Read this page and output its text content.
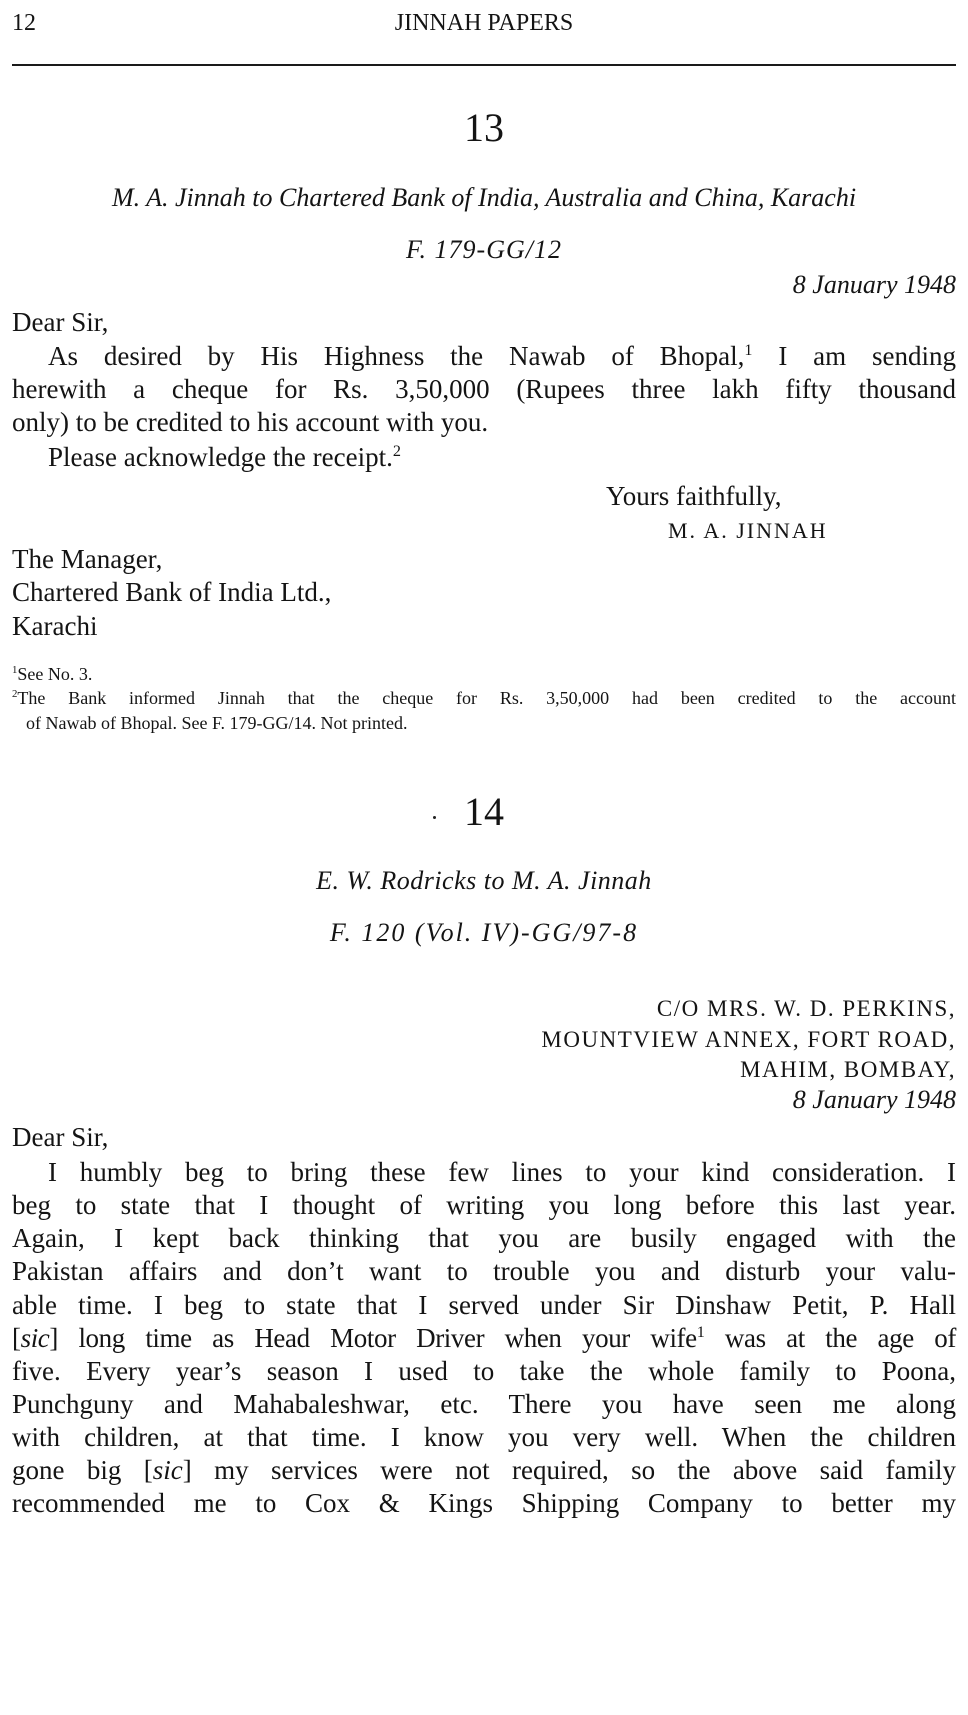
12	JINNAH PAPERS
13
M. A. Jinnah to Chartered Bank of India, Australia and China, Karachi
F. 179-GG/12
8 January 1948
Dear Sir,
As desired by His Highness the Nawab of Bhopal,$^1$ I am sending
herewith a cheque for Rs. 3,50,000 (Rupees three lakh fifty thousand
only) to be credited to his account with you.
Please acknowledge the receipt.$^2$
Yours faithfully,
M. A. JINNAH
The Manager,
Chartered Bank of India Ltd.,
Karachi
$^1$See No. 3.
$^2$The Bank informed Jinnah that the cheque for Rs. 3,50,000 had been credited to the account
of Nawab of Bhopal. See F. 179-GG/14. Not printed.
14
E. W. Rodricks to M. A. Jinnah
F. 120 (Vol. IV)-GG/97-8
C/O MRS. W. D. PERKINS,
MOUNTVIEW ANNEX, FORT ROAD,
MAHIM, BOMBAY,
8 January 1948
Dear Sir,
I humbly beg to bring these few lines to your kind consideration. I
beg to state that I thought of writing you long before this last year.
Again, I kept back thinking that you are busily engaged with the
Pakistan affairs and don’t want to trouble you and disturb your valu-
able time. I beg to state that I served under Sir Dinshaw Petit, P. Hall
[sic] long time as Head Motor Driver when your wife$^1$ was at the age of
five. Every year’s season I used to take the whole family to Poona,
Punchguny and Mahabaleshwar, etc. There you have seen me along
with children, at that time. I know you very well. When the children
gone big [sic] my services were not required, so the above said family
recommended me to Cox & Kings Shipping Company to better my
